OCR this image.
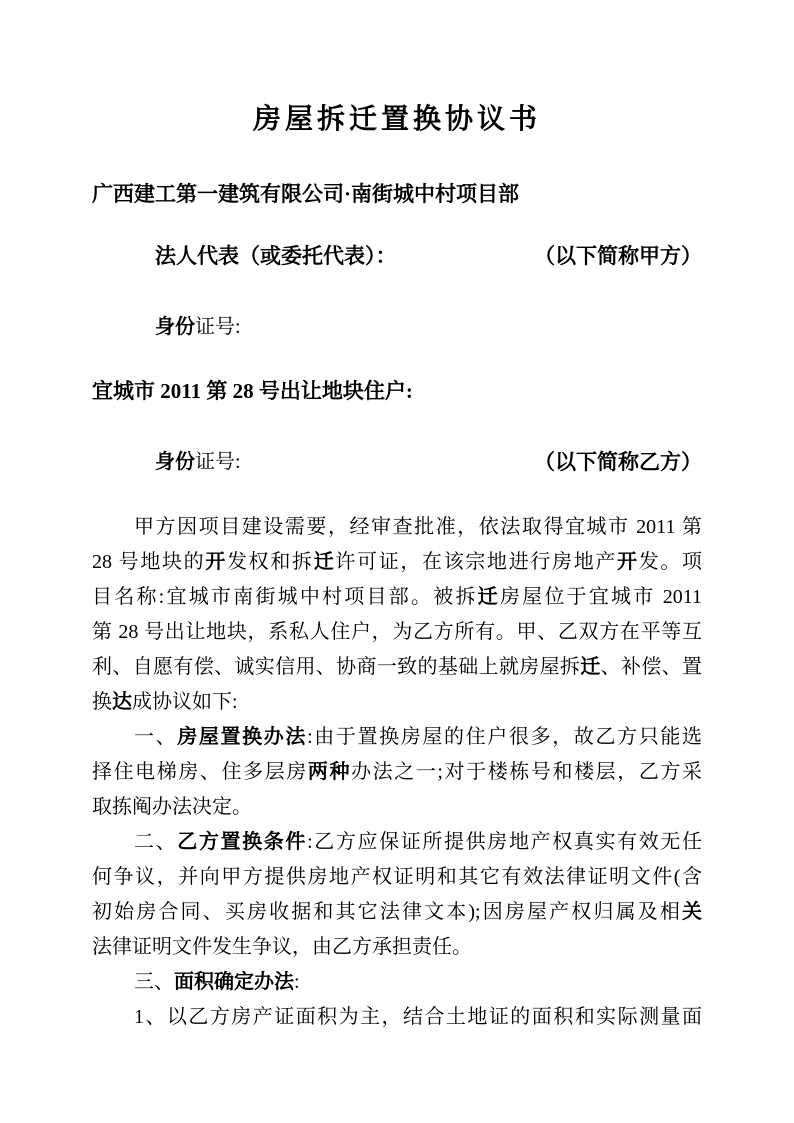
房屋拆迁置换协议书
广西建工第一建筑有限公司·南街城中村项目部
法人代表（或委托代表）：	（以下简称甲方）
身份证号:
宜城市 2011 第 28 号出让地块住户:
身份证号:	（以下简称乙方）
甲方因项目建设需要，经审查批准，依法取得宜城市 2011 第
28 号地块的开发权和拆迁许可证，在该宗地进行房地产开发。项
目名称:宜城市南街城中村项目部。被拆迁房屋位于宜城市 2011
第 28 号出让地块，系私人住户，为乙方所有。甲、乙双方在平等互
利、自愿有偿、诚实信用、协商一致的基础上就房屋拆迁、补偿、置
换达成协议如下:
一、房屋置换办法:由于置换房屋的住户很多，故乙方只能选
择住电梯房、住多层房两种办法之一;对于楼栋号和楼层，乙方采
取拣阄办法决定。
二、乙方置换条件:乙方应保证所提供房地产权真实有效无任
何争议，并向甲方提供房地产权证明和其它有效法律证明文件(含
初始房合同、买房收据和其它法律文本);因房屋产权归属及相关
法律证明文件发生争议，由乙方承担责任。
三、面积确定办法:
1、以乙方房产证面积为主，结合土地证的面积和实际测量面
